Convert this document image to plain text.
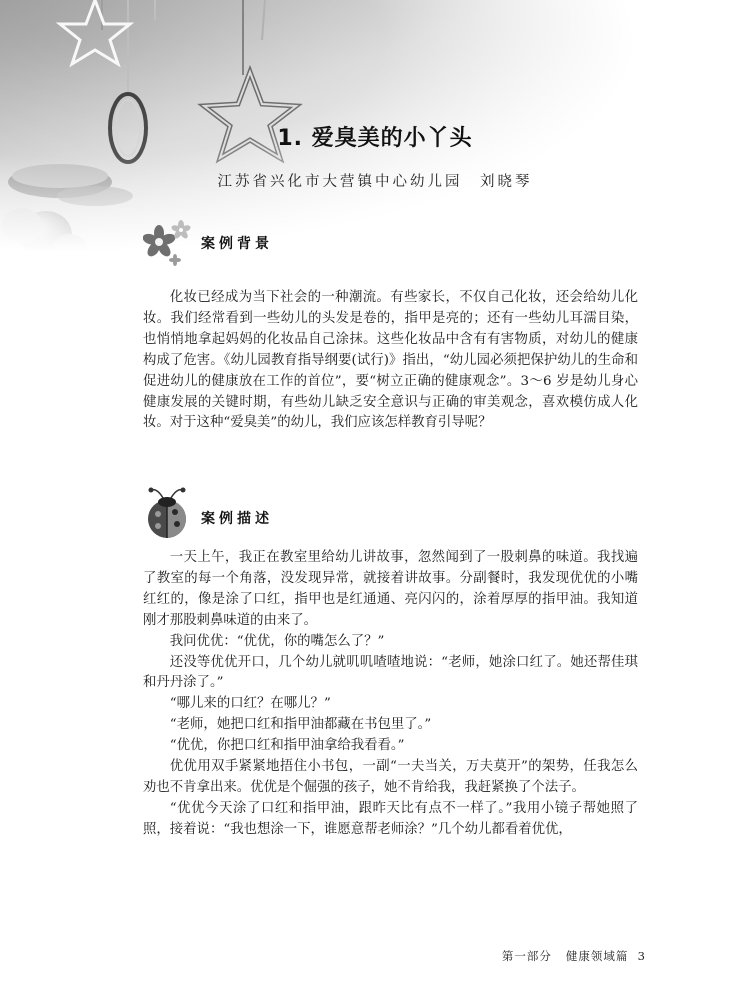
1. 爱臭美的小丫头
江苏省兴化市大营镇中心幼儿园　刘晓琴
案例背景

化妆已经成为当下社会的一种潮流。有些家长，不仅自己化妆，还会给幼儿化妆。我们经常看到一些幼儿的头发是卷的，指甲是亮的；还有一些幼儿耳濡目染，也悄悄地拿起妈妈的化妆品自己涂抹。这些化妆品中含有有害物质，对幼儿的健康构成了危害。《幼儿园教育指导纲要(试行)》指出，“幼儿园必须把保护幼儿的生命和促进幼儿的健康放在工作的首位”，要“树立正确的健康观念”。3～6 岁是幼儿身心健康发展的关键时期，有些幼儿缺乏安全意识与正确的审美观念，喜欢模仿成人化妆。对于这种“爱臭美”的幼儿，我们应该怎样教育引导呢？

案例描述

一天上午，我正在教室里给幼儿讲故事，忽然闻到了一股刺鼻的味道。我找遍了教室的每一个角落，没发现异常，就接着讲故事。分副餐时，我发现优优的小嘴红红的，像是涂了口红，指甲也是红通通、亮闪闪的，涂着厚厚的指甲油。我知道刚才那股刺鼻味道的由来了。

我问优优：“优优，你的嘴怎么了？”

还没等优优开口，几个幼儿就叽叽喳喳地说：“老师，她涂口红了。她还帮佳琪和丹丹涂了。”

“哪儿来的口红？在哪儿？”

“老师，她把口红和指甲油都藏在书包里了。”

“优优，你把口红和指甲油拿给我看看。”

优优用双手紧紧地捂住小书包，一副“一夫当关，万夫莫开”的架势，任我怎么劝也不肯拿出来。优优是个倔强的孩子，她不肯给我，我赶紧换了个法子。

“优优今天涂了口红和指甲油，跟昨天比有点不一样了。”我用小镜子帮她照了照，接着说：“我也想涂一下，谁愿意帮老师涂？”几个幼儿都看着优优，

第一部分 健康领域篇 3
